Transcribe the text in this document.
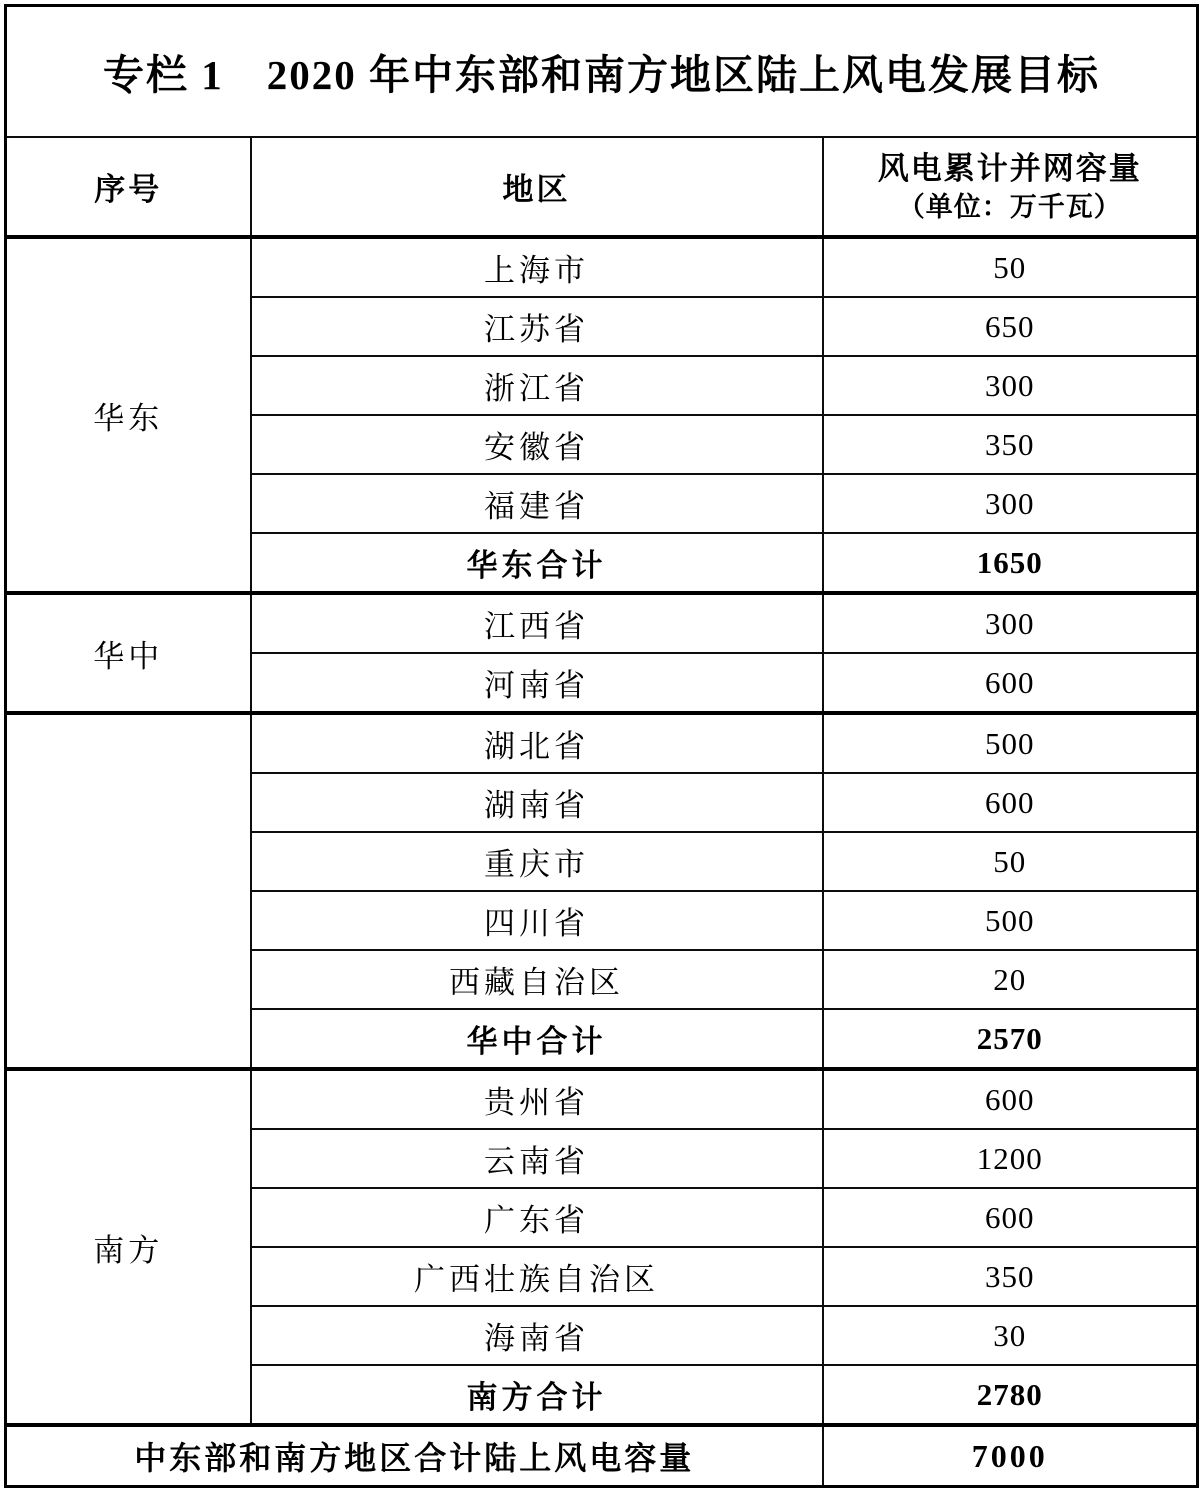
专栏 1　2020 年中东部和南方地区陆上风电发展目标		
序号	地区	风电累计并网容量
（单位：万千瓦）

华东	上海市	50
	江苏省	650
	浙江省	300
	安徽省	350
	福建省	300
	华东合计	1650
华中	江西省	300
	河南省	600
	湖北省	500
	湖南省	600
	重庆市	50
	四川省	500
	西藏自治区	20
	华中合计	2570
南方	贵州省	600
	云南省	1200
	广东省	600
	广西壮族自治区	350
	海南省	30
	南方合计	2780
中东部和南方地区合计陆上风电容量		7000
